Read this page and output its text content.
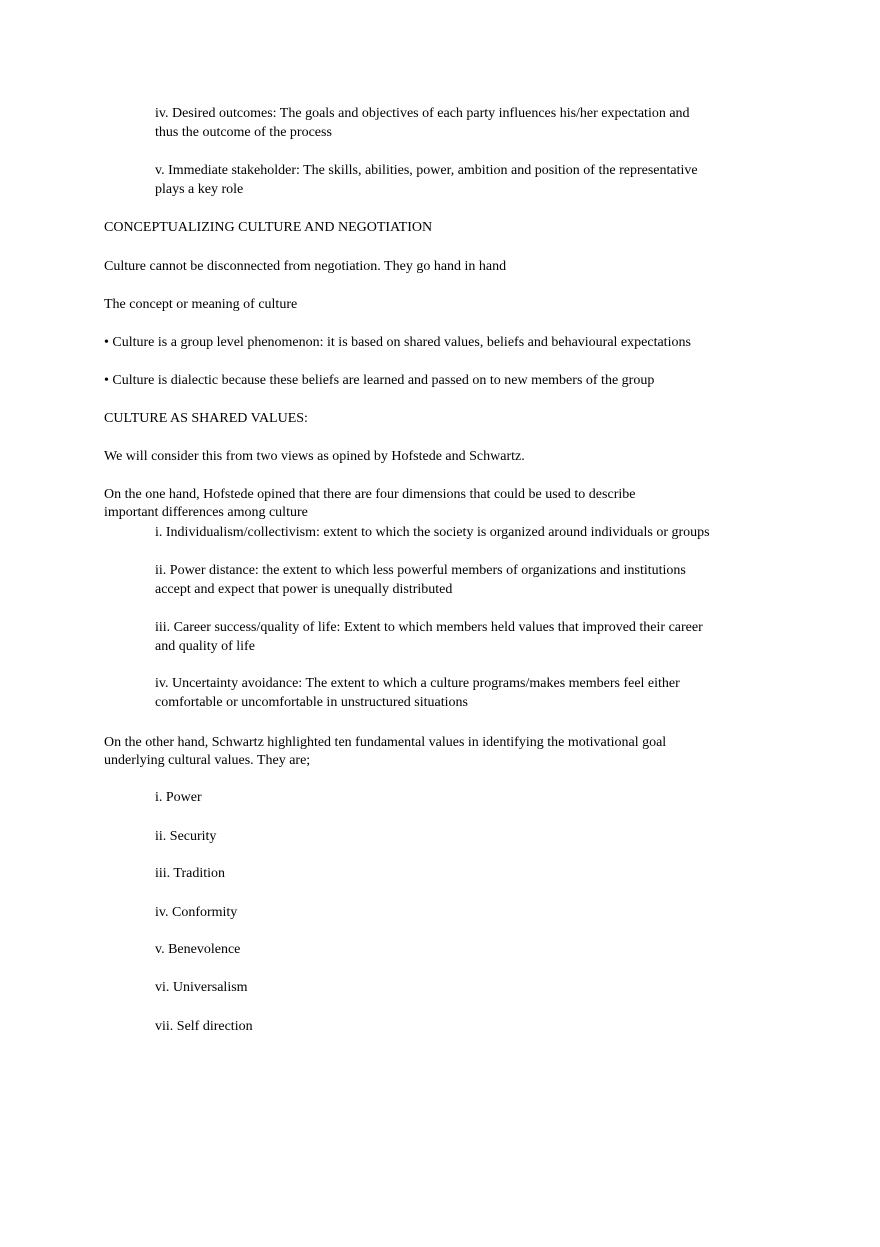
iv. Desired outcomes: The goals and objectives of each party influences his/her expectation and

thus the outcome of the process

v. Immediate stakeholder: The skills, abilities, power, ambition and position of the representative

plays a key role

CONCEPTUALIZING CULTURE AND NEGOTIATION

Culture cannot be disconnected from negotiation. They go hand in hand

The concept or meaning of culture

• Culture is a group level phenomenon: it is based on shared values, beliefs and behavioural expectations

• Culture is dialectic because these beliefs are learned and passed on to new members of the group

CULTURE AS SHARED VALUES:

We will consider this from two views as opined by Hofstede and Schwartz.

On the one hand, Hofstede opined that there are four dimensions that could be used to describe

important differences among culture

i. Individualism/collectivism: extent to which the society is organized around individuals or groups

ii. Power distance: the extent to which less powerful members of organizations and institutions

accept and expect that power is unequally distributed

iii. Career success/quality of life: Extent to which members held values that improved their career

and quality of life

iv. Uncertainty avoidance: The extent to which a culture programs/makes members feel either

comfortable or uncomfortable in unstructured situations

On the other hand, Schwartz highlighted ten fundamental values in identifying the motivational goal

underlying cultural values. They are;

i. Power

ii. Security

iii. Tradition

iv. Conformity

v. Benevolence

vi. Universalism

vii. Self direction
